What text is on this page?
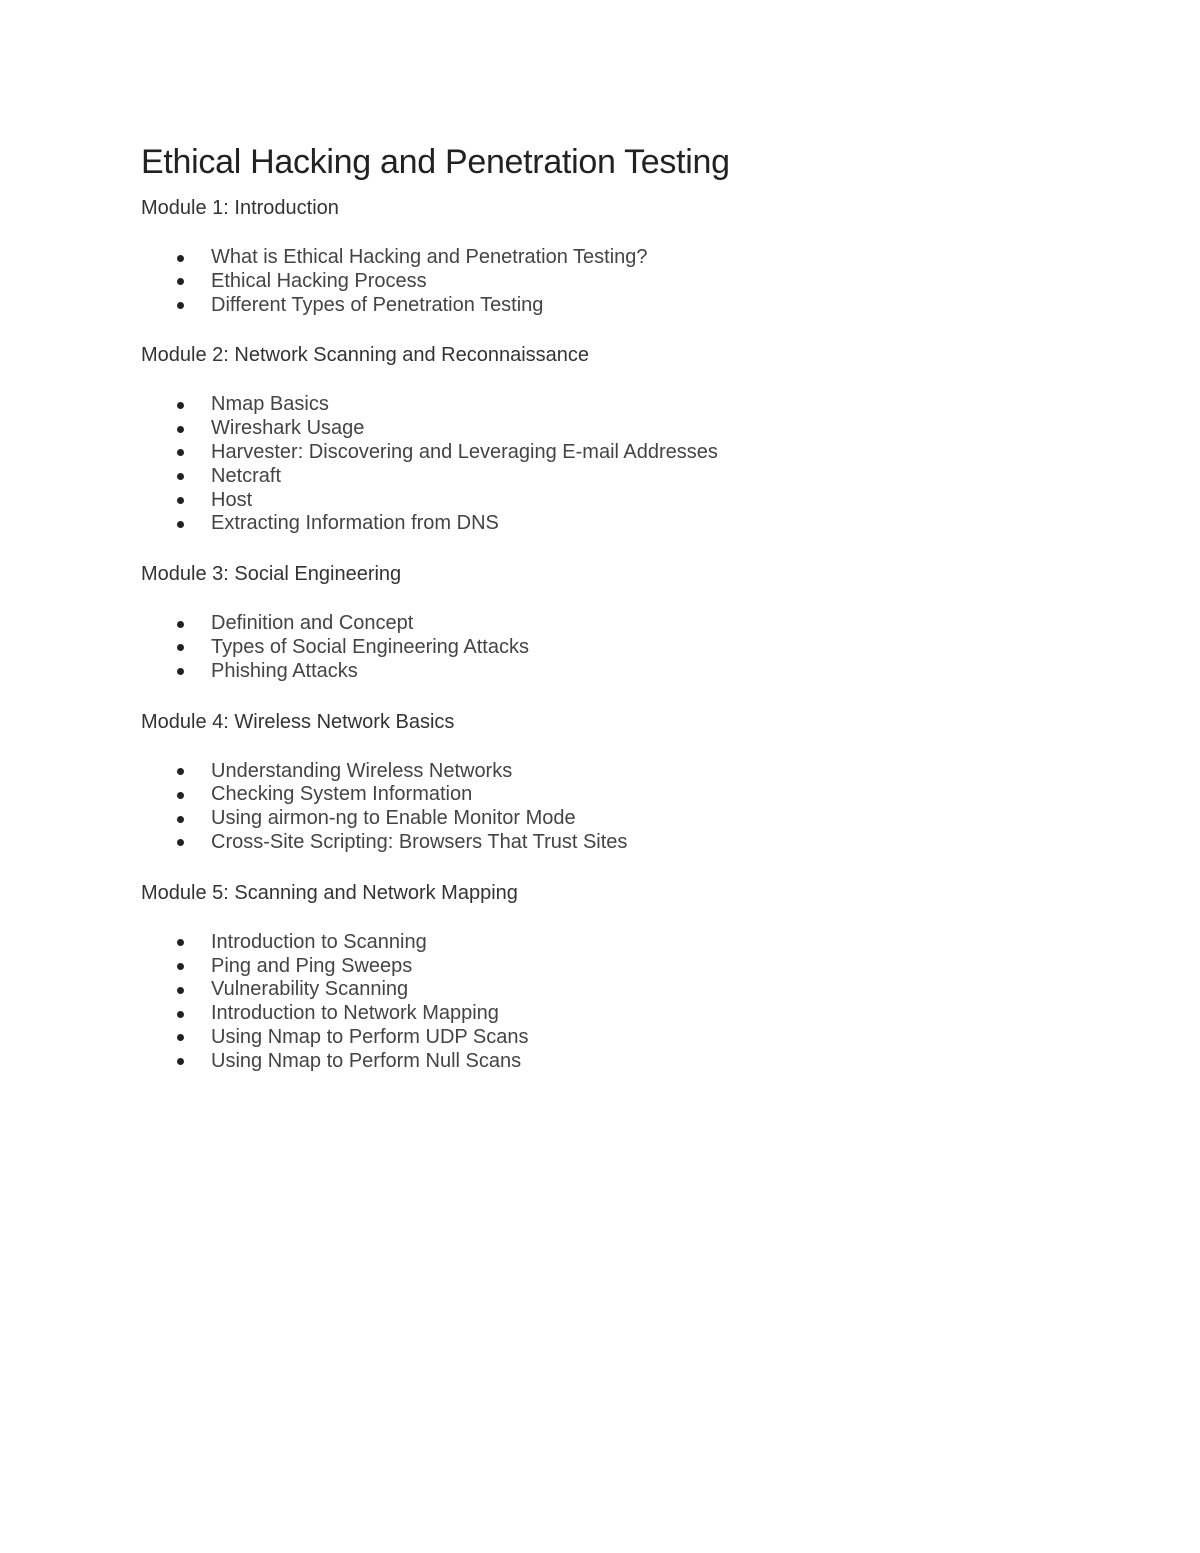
Ethical Hacking and Penetration Testing

Module 1: Introduction

What is Ethical Hacking and Penetration Testing?
Ethical Hacking Process
Different Types of Penetration Testing

Module 2: Network Scanning and Reconnaissance

Nmap Basics
Wireshark Usage
Harvester: Discovering and Leveraging E-mail Addresses
Netcraft
Host
Extracting Information from DNS

Module 3: Social Engineering

Definition and Concept
Types of Social Engineering Attacks
Phishing Attacks

Module 4: Wireless Network Basics

Understanding Wireless Networks
Checking System Information
Using airmon-ng to Enable Monitor Mode
Cross-Site Scripting: Browsers That Trust Sites

Module 5: Scanning and Network Mapping

Introduction to Scanning
Ping and Ping Sweeps
Vulnerability Scanning
Introduction to Network Mapping
Using Nmap to Perform UDP Scans
Using Nmap to Perform Null Scans
